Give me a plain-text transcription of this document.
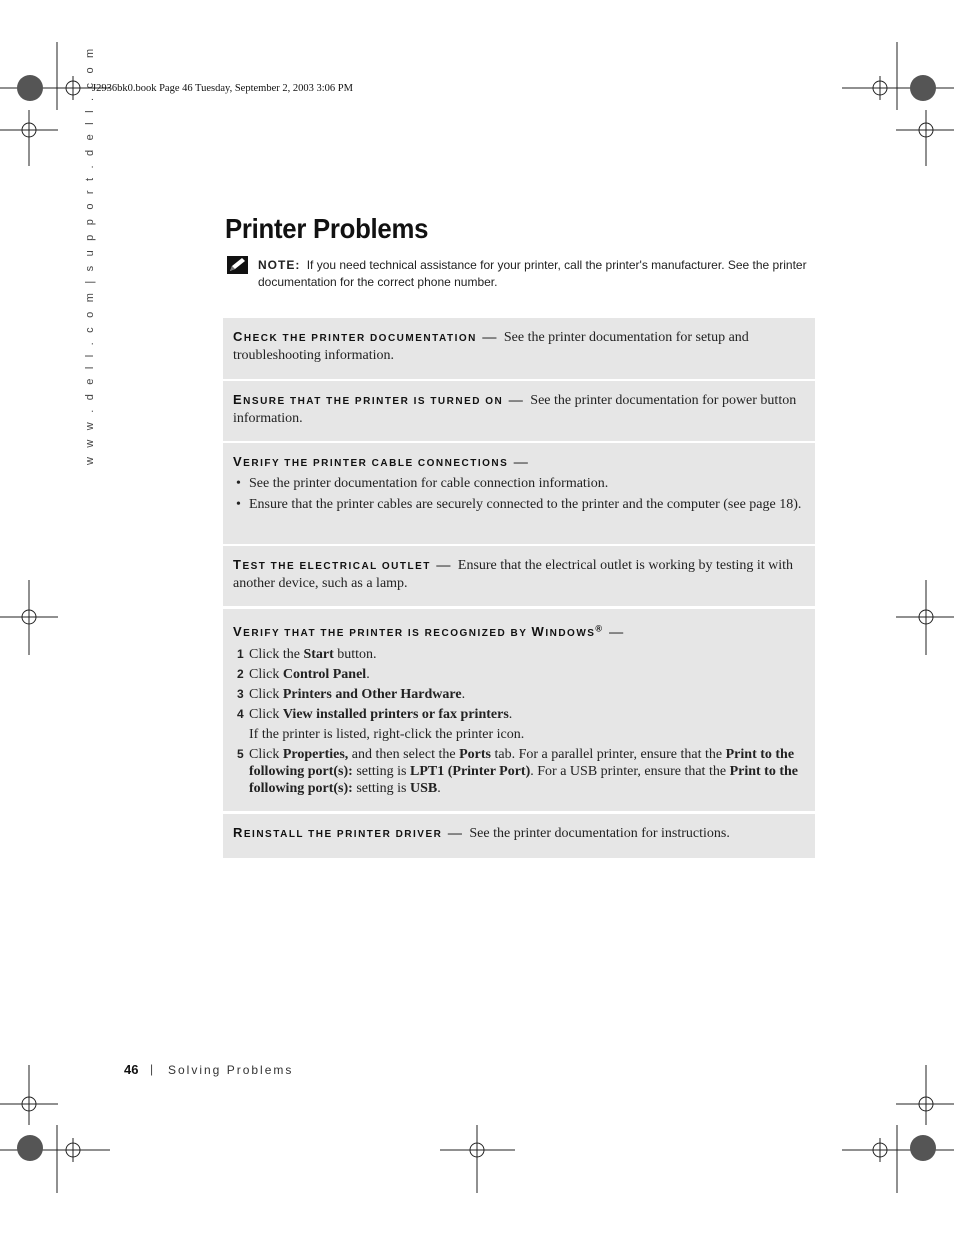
J2936bk0.book Page 46 Tuesday, September 2, 2003 3:06 PM
w w w . d e l l . c o m | s u p p o r t . d e l l . c o m	Printer Problems
NOTE: If you need technical assistance for your printer, call the printer's manufacturer. See the printer documentation for the correct phone number.
CHECK THE PRINTER DOCUMENTATION — See the printer documentation for setup and troubleshooting information.
ENSURE THAT THE PRINTER IS TURNED ON — See the printer documentation for power button information.
VERIFY THE PRINTER CABLE CONNECTIONS —
• See the printer documentation for cable connection information.
• Ensure that the printer cables are securely connected to the printer and the computer (see page 18).
TEST THE ELECTRICAL OUTLET — Ensure that the electrical outlet is working by testing it with another device, such as a lamp.
VERIFY THAT THE PRINTER IS RECOGNIZED BY WINDOWS® —
1 Click the Start button.
2 Click Control Panel.
3 Click Printers and Other Hardware.
4 Click View installed printers or fax printers.
If the printer is listed, right-click the printer icon.
5 Click Properties, and then select the Ports tab. For a parallel printer, ensure that the Print to the following port(s): setting is LPT1 (Printer Port). For a USB printer, ensure that the Print to the following port(s): setting is USB.
REINSTALL THE PRINTER DRIVER — See the printer documentation for instructions.
46 | Solving Problems
